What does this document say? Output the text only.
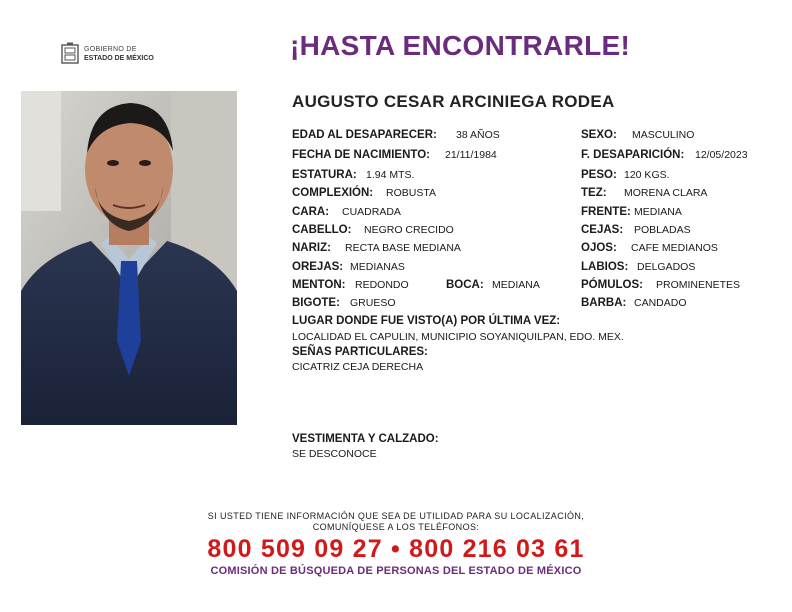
GOBIERNO DE
ESTADO DE MÉXICO	¡HASTA ENCONTRARLE!
AUGUSTO CESAR ARCINIEGA RODEA
EDAD AL DESAPARECER: 38 AÑOS	SEXO: MASCULINO
FECHA DE NACIMIENTO: 21/11/1984	F. DESAPARICIÓN: 12/05/2023
ESTATURA: 1.94 MTS.	PESO: 120 KGS.
COMPLEXIÓN: ROBUSTA	TEZ: MORENA CLARA
CARA: CUADRADA	FRENTE: MEDIANA
CABELLO: NEGRO CRECIDO	CEJAS: POBLADAS
NARIZ: RECTA BASE MEDIANA	OJOS: CAFE MEDIANOS
OREJAS: MEDIANAS	LABIOS: DELGADOS
MENTON: REDONDO	BOCA: MEDIANA	PÓMULOS: PROMINENETES
BIGOTE: GRUESO	BARBA: CANDADO
LUGAR DONDE FUE VISTO(A) POR ÚLTIMA VEZ:
LOCALIDAD EL CAPULIN, MUNICIPIO SOYANIQUILPAN, EDO. MEX.
SEÑAS PARTICULARES:
CICATRIZ CEJA DERECHA
VESTIMENTA Y CALZADO:
SE DESCONOCE
SI USTED TIENE INFORMACIÓN QUE SEA DE UTILIDAD PARA SU LOCALIZACIÓN,
COMUNÍQUESE A LOS TELÉFONOS:
800 509 09 27 • 800 216 03 61
COMISIÓN DE BÚSQUEDA DE PERSONAS DEL ESTADO DE MÉXICO
